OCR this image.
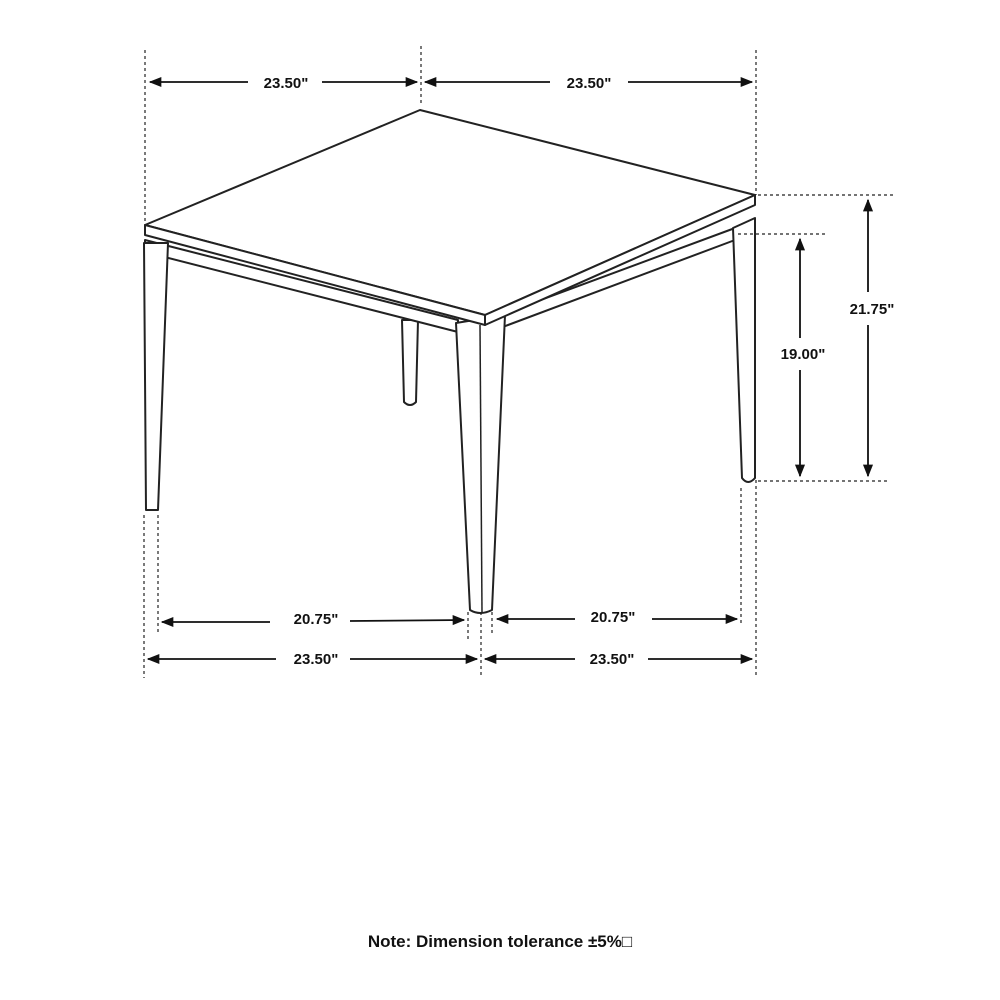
23.50"	23.50"
21.75"
19.00"
20.75"	20.75"
23.50"	23.50"
Note: Dimension tolerance ±5%□
